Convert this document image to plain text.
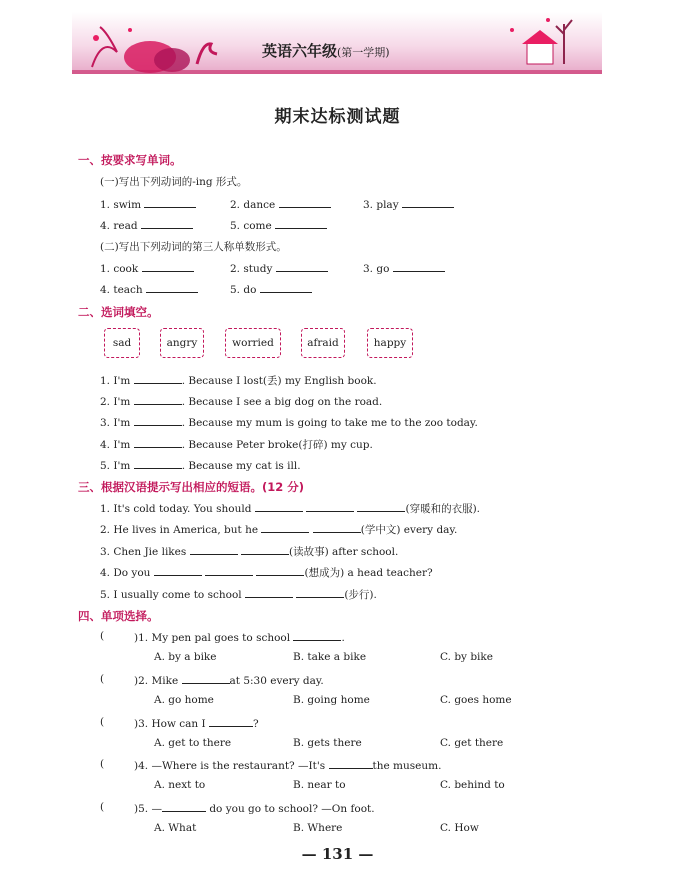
英语六年级(第一学期)
期末达标测试题
一、按要求写单词。
(一)写出下列动词的-ing 形式。
1. swim	2. dance	3. play
4. read	5. come
(二)写出下列动词的第三人称单数形式。
1. cook	2. study	3. go
4. teach	5. do
二、选词填空。
sad	angry	worried	afraid	happy
1. I'm	. Because I lost(丢) my English book.
2. I'm	. Because I see a big dog on the road.
3. I'm	. Because my mum is going to take me to the zoo today.
4. I'm	. Because Peter broke(打碎) my cup.
5. I'm	. Because my cat is ill.
三、根据汉语提示写出相应的短语。(12 分)
1. It's cold today. You should	(穿暖和的衣服).
2. He lives in America, but he	(学中文) every day.
3. Chen Jie likes	(读故事) after school.
4. Do you	(想成为) a head teacher?
5. I usually come to school	(步行).
四、单项选择。
(	)1. My pen pal goes to school	.
A. by a bike	B. take a bike	C. by bike
(	)2. Mike	at 5:30 every day.
A. go home	B. going home	C. goes home
(	)3. How can I	?
A. get to there	B. gets there	C. get there
(	)4. —Where is the restaurant? —It's	the museum.
A. next to	B. near to	C. behind to
(	)5. —	do you go to school? —On foot.
A. What	B. Where	C. How
— 131 —
